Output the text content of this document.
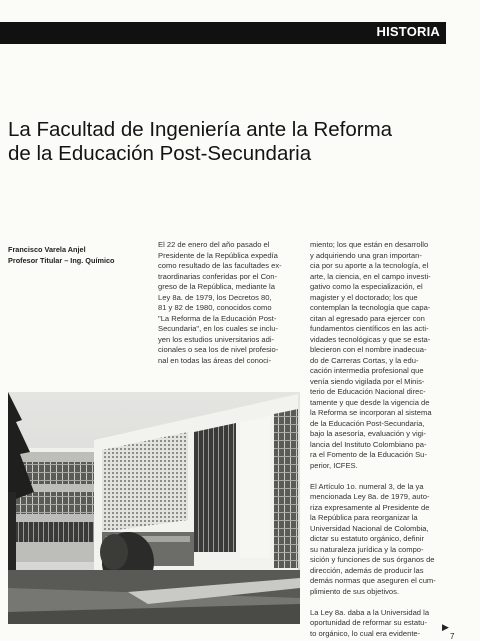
HISTORIA
La Facultad de Ingeniería ante la Reforma
de la Educación Post-Secundaria
Francisco Varela Anjel
Profesor Titular – Ing. Químico
El 22 de enero del año pasado el
Presidente de la República expedía
como resultado de las facultades ex-
traordinarias conferidas por el Con-
greso de la República, mediante la
Ley 8a. de 1979, los Decretos 80,
81 y 82 de 1980, conocidos como
"La Reforma de la Educación Post-
Secundaria", en los cuales se inclu-
yen los estudios universitarios adi-
cionales o sea los de nivel profesio-
nal en todas las áreas del conoci-
miento; los que están en desarrollo
y adquiriendo una gran importan-
cia por su aporte a la tecnología, el
arte, la ciencia, en el campo investi-
gativo como la especialización, el
magister y el doctorado; los que
contemplan la tecnología que capa-
citan al egresado para ejercer con
fundamentos científicos en las acti-
vidades tecnológicas y que se esta-
blecieron con el nombre inadecua-
do de Carreras Cortas, y la edu-
cación intermedia profesional que
venía siendo vigilada por el Minis-
terio de Educación Nacional direc-
tamente y que desde la vigencia de
la Reforma se incorporan al sistema
de la Educación Post-Secundaria,
bajo la asesoría, evaluación y vigi-
lancia del Instituto Colombiano pa-
ra el Fomento de la Educación Su-
perior, ICFES.
El Artículo 1o. numeral 3, de la ya
mencionada Ley 8a. de 1979, auto-
riza expresamente al Presidente de
la República para reorganizar la
Universidad Nacional de Colombia,
dictar su estatuto orgánico, definir
su naturaleza jurídica y la compo-
sición y funciones de sus órganos de
dirección, además de producir las
demás normas que aseguren el cum-
plimiento de sus objetivos.
La Ley 8a. daba a la Universidad la
oportunidad de reformar su estatu-
to orgánico, lo cual era evidente-
▶
7
